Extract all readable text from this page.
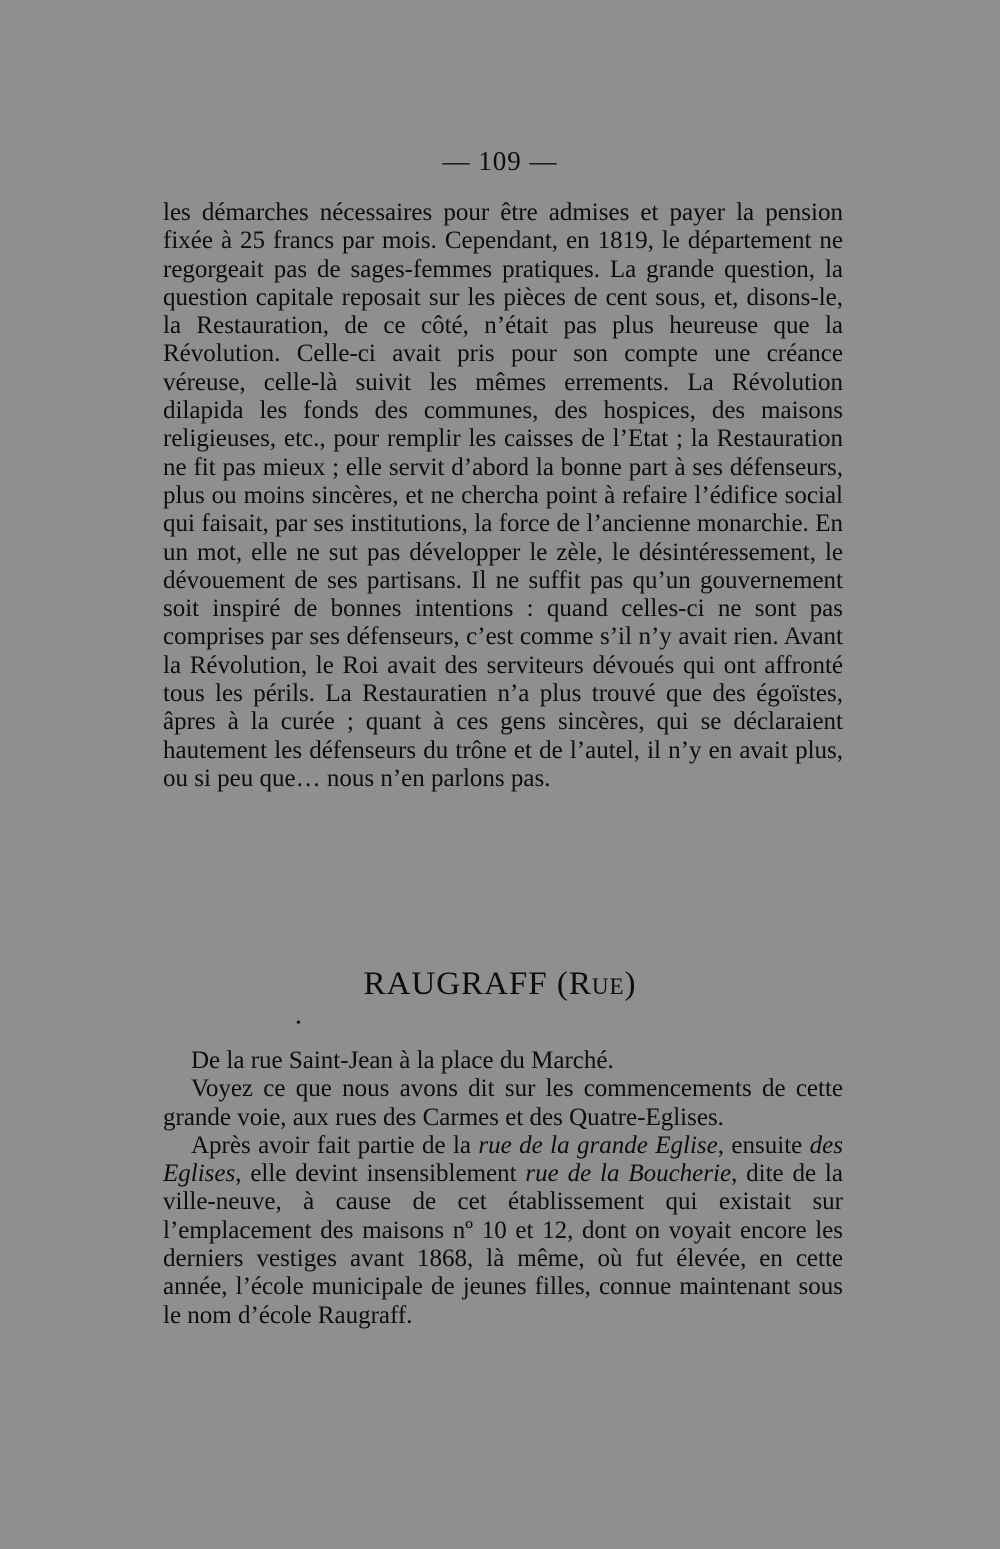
— 109 —

les démarches nécessaires pour être admises et payer la pension fixée à 25 francs par mois. Cependant, en 1819, le département ne regorgeait pas de sages-femmes pratiques. La grande question, la question capitale reposait sur les pièces de cent sous, et, disons-le, la Restauration, de ce côté, n’était pas plus heureuse que la Révolution. Celle-ci avait pris pour son compte une créance véreuse, celle-là suivit les mêmes errements. La Révolution dilapida les fonds des communes, des hospices, des maisons religieuses, etc., pour remplir les caisses de l’Etat ; la Restauration ne fit pas mieux ; elle servit d’abord la bonne part à ses défenseurs, plus ou moins sincères, et ne chercha point à refaire l’édifice social qui faisait, par ses institutions, la force de l’ancienne monarchie. En un mot, elle ne sut pas développer le zèle, le désintéressement, le dévouement de ses partisans. Il ne suffit pas qu’un gouvernement soit inspiré de bonnes intentions : quand celles-ci ne sont pas comprises par ses défenseurs, c’est comme s’il n’y avait rien. Avant la Révolution, le Roi avait des serviteurs dévoués qui ont affronté tous les périls. La Restauratien n’a plus trouvé que des égoïstes, âpres à la curée ; quant à ces gens sincères, qui se déclaraient hautement les défenseurs du trône et de l’autel, il n’y en avait plus, ou si peu que… nous n’en parlons pas.

RAUGRAFF (Rue)
•

De la rue Saint-Jean à la place du Marché.

Voyez ce que nous avons dit sur les commencements de cette grande voie, aux rues des Carmes et des Quatre-Eglises.

Après avoir fait partie de la rue de la grande Eglise, ensuite des Eglises, elle devint insensiblement rue de la Boucherie, dite de la ville-neuve, à cause de cet établissement qui existait sur l’emplacement des maisons nº 10 et 12, dont on voyait encore les derniers vestiges avant 1868, là même, où fut élevée, en cette année, l’école municipale de jeunes filles, connue maintenant sous le nom d’école Raugraff.
